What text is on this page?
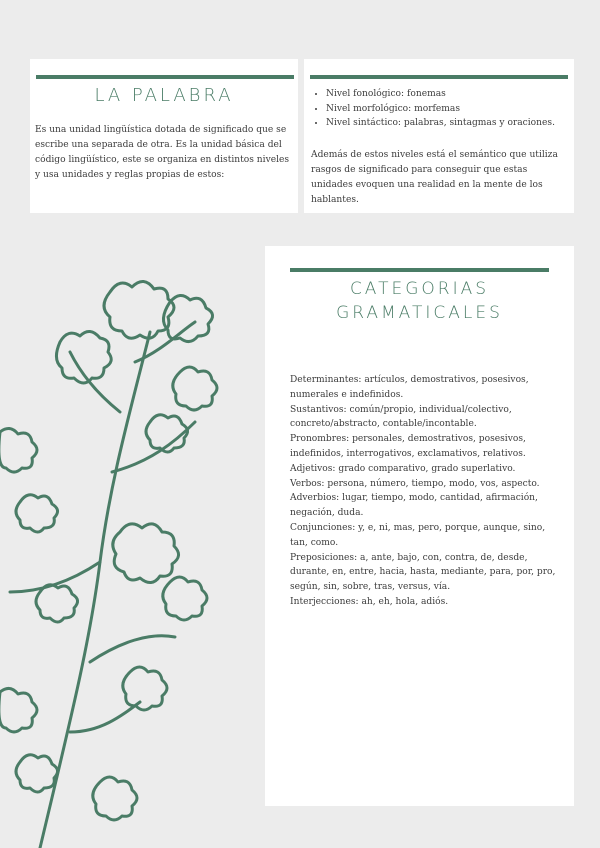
LA PALABRA

Es una unidad lingüística dotada de significado que se escribe una separada de otra. Es la unidad básica del código lingüístico, este se organiza en distintos niveles y usa unidades y reglas propias de estos:

• Nivel fonológico: fonemas
• Nivel morfológico: morfemas
• Nivel sintáctico: palabras, sintagmas y oraciones.

Además de estos niveles está el semántico que utiliza rasgos de significado para conseguir que estas unidades evoquen una realidad en la mente de los hablantes.

CATEGORIAS
GRAMATICALES

Determinantes: artículos, demostrativos, posesivos, numerales e indefinidos.

Sustantivos: común/propio, individual/colectivo, concreto/abstracto, contable/incontable.

Pronombres: personales, demostrativos, posesivos, indefinidos, interrogativos, exclamativos, relativos.

Adjetivos: grado comparativo, grado superlativo.

Verbos: persona, número, tiempo, modo, vos, aspecto.

Adverbios: lugar, tiempo, modo, cantidad, afirmación, negación, duda.

Conjunciones: y, e, ni, mas, pero, porque, aunque, sino, tan, como.

Preposiciones: a, ante, bajo, con, contra, de, desde, durante, en, entre, hacia, hasta, mediante, para, por, pro, según, sin, sobre, tras, versus, vía.

Interjecciones: ah, eh, hola, adiós.
